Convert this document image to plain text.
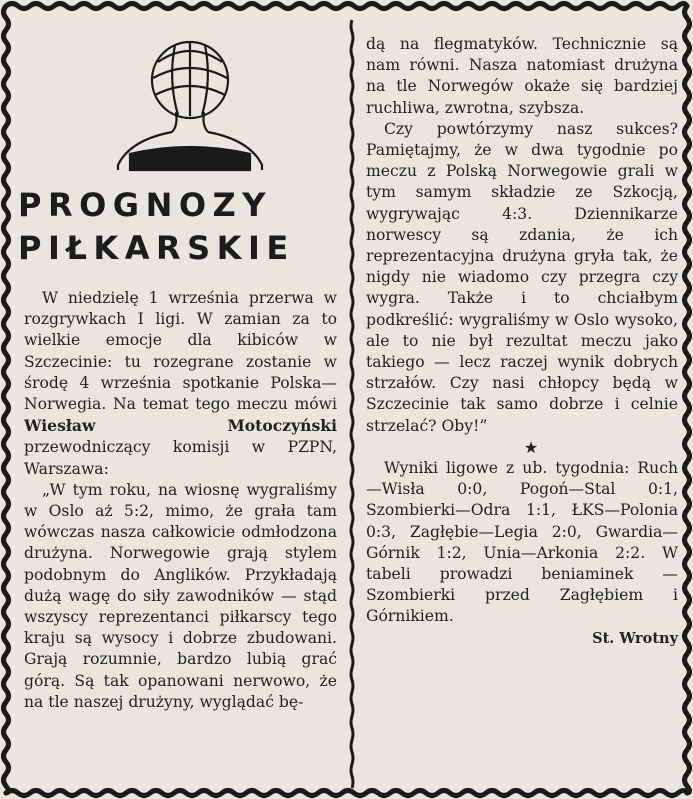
PROGNOZY
PIŁKARSKIE

W niedzielę 1 września przerwa w rozgrywkach I ligi. W zamian za to wielkie emocje dla kibiców w Szczecinie: tu rozegrane zostanie w środę 4 września spotkanie Polska—Norwegia. Na temat tego meczu mówi Wiesław Motoczyński przewodniczący komisji w PZPN, Warszawa:

„W tym roku, na wiosnę wygraliśmy w Oslo aż 5:2, mimo, że grała tam wówczas nasza całkowicie odmłodzona drużyna. Norwegowie grają stylem podobnym do Anglików. Przykładają dużą wagę do siły zawodników — stąd wszyscy reprezentanci piłkarscy tego kraju są wysocy i dobrze zbudowani. Grają rozumnie, bardzo lubią grać górą. Są tak opanowani nerwowo, że na tle naszej drużyny, wyglądać bę-

dą na flegmatyków. Technicznie są nam równi. Nasza natomiast drużyna na tle Norwegów okaże się bardziej ruchliwa, zwrotna, szybsza.

Czy powtórzymy nasz sukces? Pamiętajmy, że w dwa tygodnie po meczu z Polską Norwegowie grali w tym samym składzie ze Szkocją, wygrywając 4:3. Dziennikarze norwescy są zdania, że ich reprezentacyjna drużyna gryła tak, że nigdy nie wiadomo czy przegra czy wygra. Także i to chciałbym podkreślić: wygraliśmy w Oslo wysoko, ale to nie był rezultat meczu jako takiego — lecz raczej wynik dobrych strzałów. Czy nasi chłopcy będą w Szczecinie tak samo dobrze i celnie strzelać? Oby!”

★

Wyniki ligowe z ub. tygodnia: Ruch—Wisła 0:0, Pogoń—Stal 0:1, Szombierki—Odra 1:1, ŁKS—Polonia 0:3, Zagłębie—Legia 2:0, Gwardia—Górnik 1:2, Unia—Arkonia 2:2. W tabeli prowadzi beniaminek — Szombierki przed Zagłębiem i Górnikiem.

St. Wrotny
